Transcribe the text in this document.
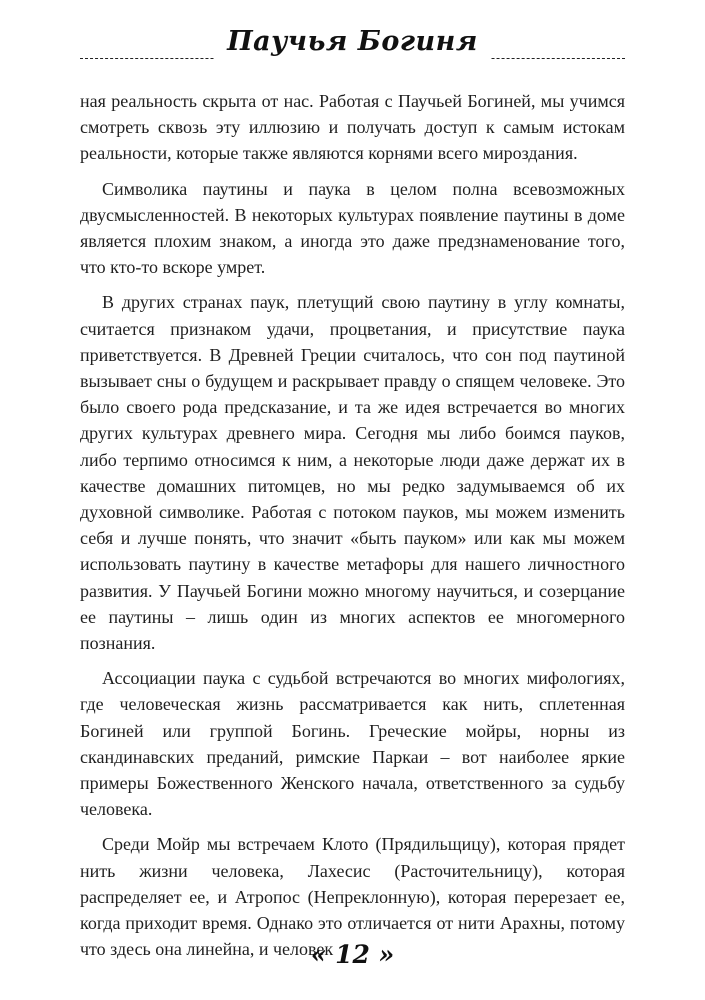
Паучья Богиня

ная реальность скрыта от нас. Работая с Паучьей Богиней, мы учимся смотреть сквозь эту иллюзию и получать доступ к самым истокам реальности, которые также являются корнями всего мироздания.

Символика паутины и паука в целом полна всевозможных двусмысленностей. В некоторых культурах появление паутины в доме является плохим знаком, а иногда это даже предзнаменование того, что кто-то вскоре умрет.

В других странах паук, плетущий свою паутину в углу комнаты, считается признаком удачи, процветания, и присутствие паука приветствуется. В Древней Греции считалось, что сон под паутиной вызывает сны о будущем и раскрывает правду о спящем человеке. Это было своего рода предсказание, и та же идея встречается во многих других культурах древнего мира. Сегодня мы либо боимся пауков, либо терпимо относимся к ним, а некоторые люди даже держат их в качестве домашних питомцев, но мы редко задумываемся об их духовной символике. Работая с потоком пауков, мы можем изменить себя и лучше понять, что значит «быть пауком» или как мы можем использовать паутину в качестве метафоры для нашего личностного развития. У Паучьей Богини можно многому научиться, и созерцание ее паутины – лишь один из многих аспектов ее многомерного познания.

Ассоциации паука с судьбой встречаются во многих мифологиях, где человеческая жизнь рассматривается как нить, сплетенная Богиней или группой Богинь. Греческие мойры, норны из скандинавских преданий, римские Паркаи – вот наиболее яркие примеры Божественного Женского начала, ответственного за судьбу человека.

Среди Мойр мы встречаем Клото (Прядильщицу), которая прядет нить жизни человека, Лахесис (Расточительницу), которая распределяет ее, и Атропос (Непреклонную), которая перерезает ее, когда приходит время. Однако это отличается от нити Арахны, потому что здесь она линейна, и человек

« 12 »
